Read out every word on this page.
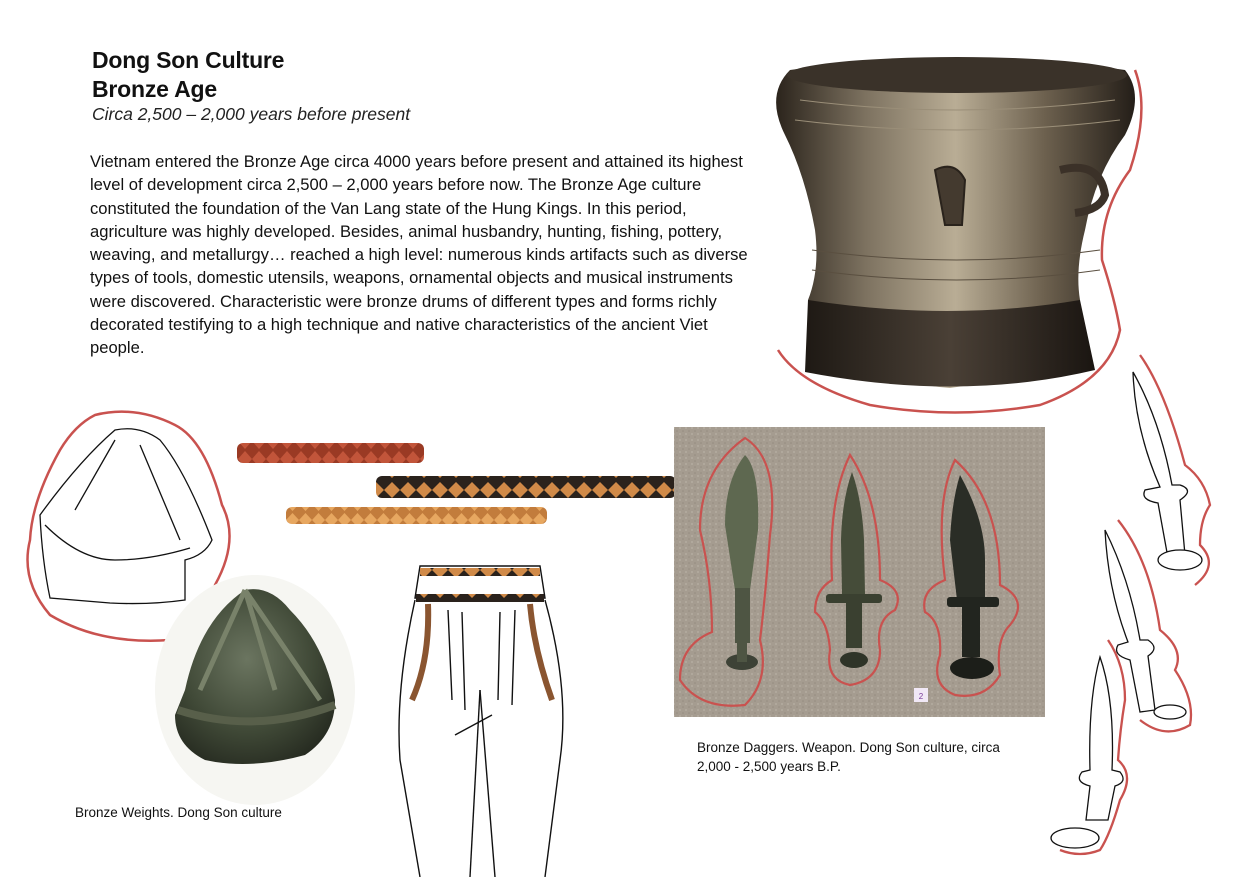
Dong Son Culture
Bronze Age
Circa 2,500 – 2,000 years before present

Vietnam entered the Bronze Age circa 4000 years before present and attained its highest level of development circa 2,500 – 2,000 years before now. The Bronze Age culture constituted the foundation of the Van Lang state of the Hung Kings. In this period, agriculture was highly developed. Besides, animal husbandry, hunting, fishing, pottery, weaving, and metallurgy… reached a high level: numerous kinds artifacts such as diverse types of tools, domestic utensils, weapons, ornamental objects and musical instruments were discovered. Characteristic were bronze drums of different types and forms richly decorated testifying to a high technique and native characteristics of the ancient Viet people.

2
Bronze Weights. Dong Son culture
Bronze Daggers. Weapon. Dong Son culture, circa 2,000 - 2,500 years B.P.
